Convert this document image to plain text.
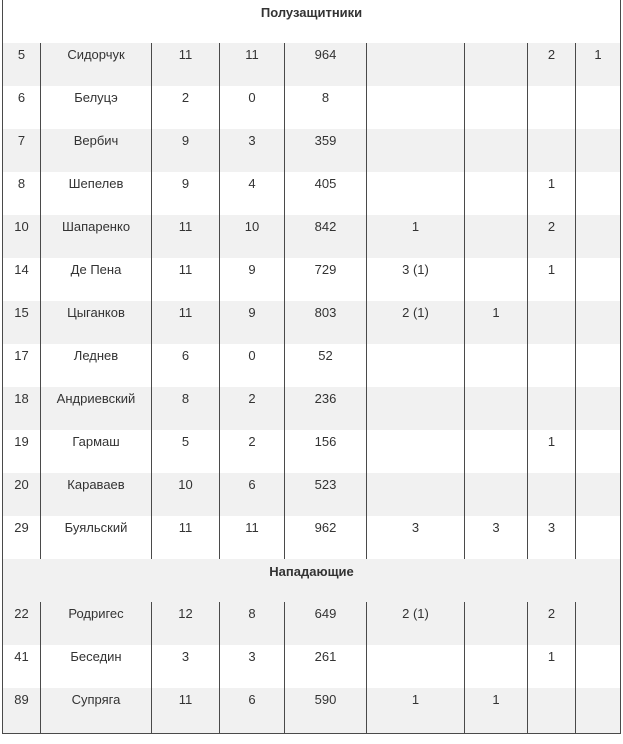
Полузащитники								
5	Сидорчук	11	11	964			2	1
6	Белуцэ	2	0	8				
7	Вербич	9	3	359				
8	Шепелев	9	4	405			1	
10	Шапаренко	11	10	842	1		2	
14	Де Пена	11	9	729	3 (1)		1	
15	Цыганков	11	9	803	2 (1)	1		
17	Леднев	6	0	52				
18	Андриевский	8	2	236				
19	Гармаш	5	2	156			1	
20	Караваев	10	6	523				
29	Буяльский	11	11	962	3	3	3	
Нападающие								
22	Родригес	12	8	649	2 (1)		2	
41	Беседин	3	3	261			1	
89	Супряга	11	6	590	1	1		
